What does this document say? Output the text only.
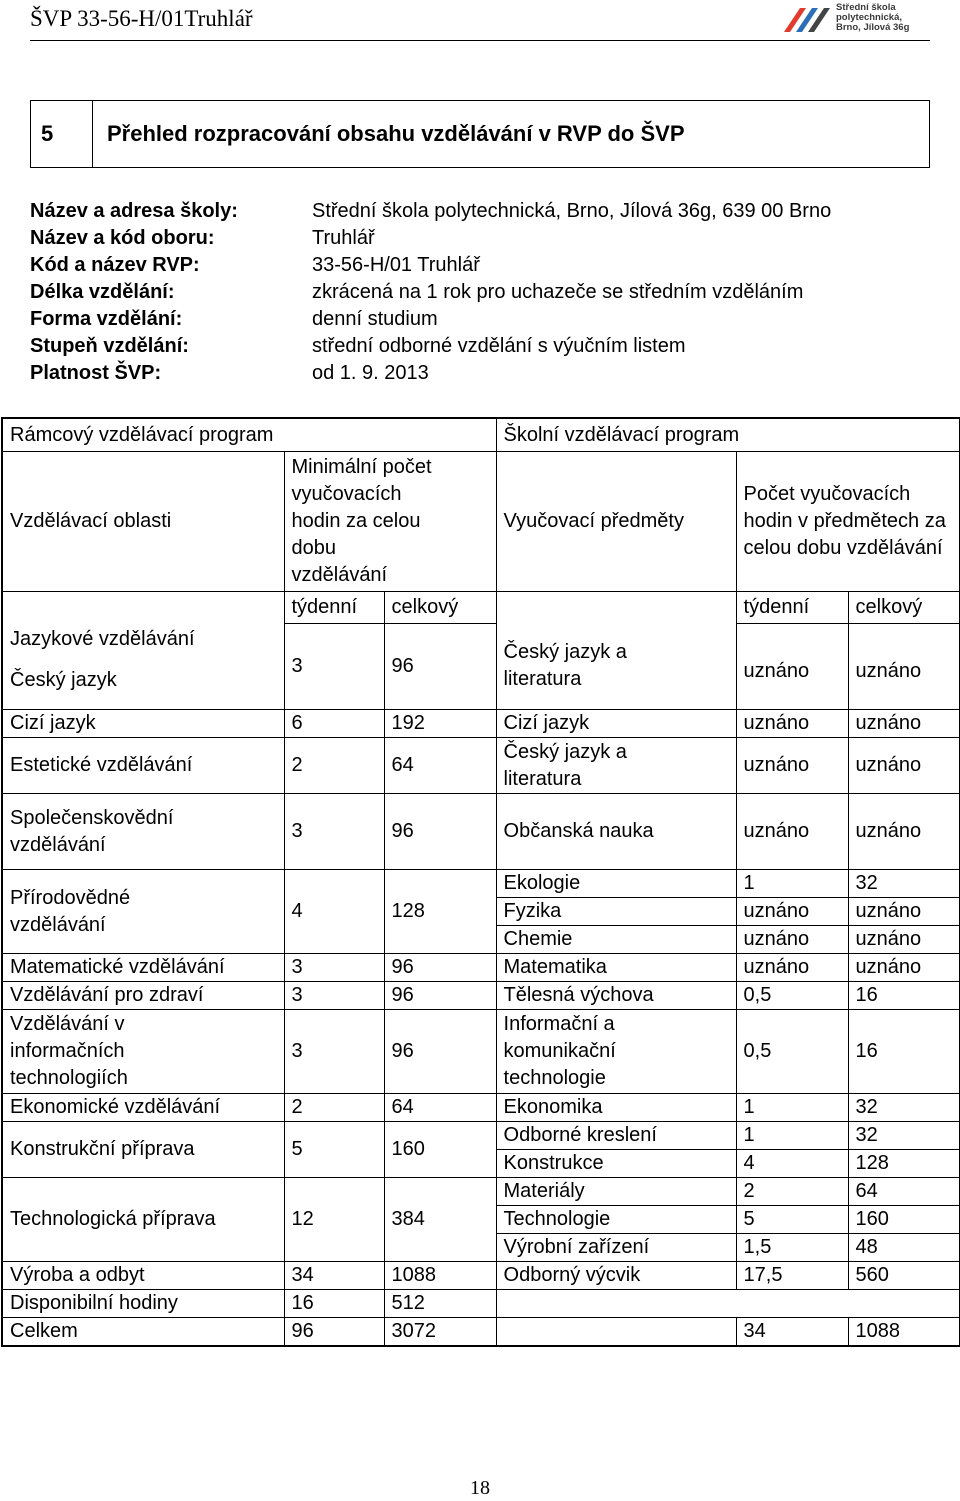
ŠVP 33-56-H/01Truhlář	Střední škola
polytechnická,
Brno, Jílová 36g
5	Přehled rozpracování obsahu vzdělávání v RVP do ŠVP
Název a adresa školy:	Střední škola polytechnická, Brno, Jílová 36g, 639 00 Brno
Název a kód oboru:	Truhlář
Kód a název RVP:	33-56-H/01 Truhlář
Délka vzdělání:	zkrácená na 1 rok pro uchazeče se středním vzděláním
Forma vzdělání:	denní studium
Stupeň vzdělání:	střední odborné vzdělání s výučním listem
Platnost ŠVP:	od 1. 9. 2013
Rámcový vzdělávací program			Školní vzdělávací program		
Vzdělávací oblasti	Minimální počet vyučovacích hodin za celou dobu vzdělávání		Vyučovací předměty	Počet vyučovacích hodin v předmětech za celou dobu vzdělávání	
	týdenní	celkový		týdenní	celkový

Jazykové vzdělávání
Český jazyk	3	96	Český jazyk a literatura	uznáno	uznáno
Cizí jazyk	6	192	Cizí jazyk	uznáno	uznáno
Estetické vzdělávání	2	64	Český jazyk a literatura	uznáno	uznáno
Společenskovědní vzdělávání	3	96	Občanská nauka	uznáno	uznáno
Přírodovědné vzdělávání	4	128	Ekologie	1	32
			Fyzika	uznáno	uznáno
			Chemie	uznáno	uznáno
Matematické vzdělávání	3	96	Matematika	uznáno	uznáno
Vzdělávání pro zdraví	3	96	Tělesná výchova	0,5	16
Vzdělávání v informačních technologiích	3	96	Informační a komunikační technologie	0,5	16
Ekonomické vzdělávání	2	64	Ekonomika	1	32
Konstrukční příprava	5	160	Odborné kreslení	1	32
			Konstrukce	4	128
Technologická příprava	12	384	Materiály	2	64
			Technologie	5	160
			Výrobní zařízení	1,5	48
Výroba a odbyt	34	1088	Odborný výcvik	17,5	560
Disponibilní hodiny	16	512			
Celkem	96	3072		34	1088
18
